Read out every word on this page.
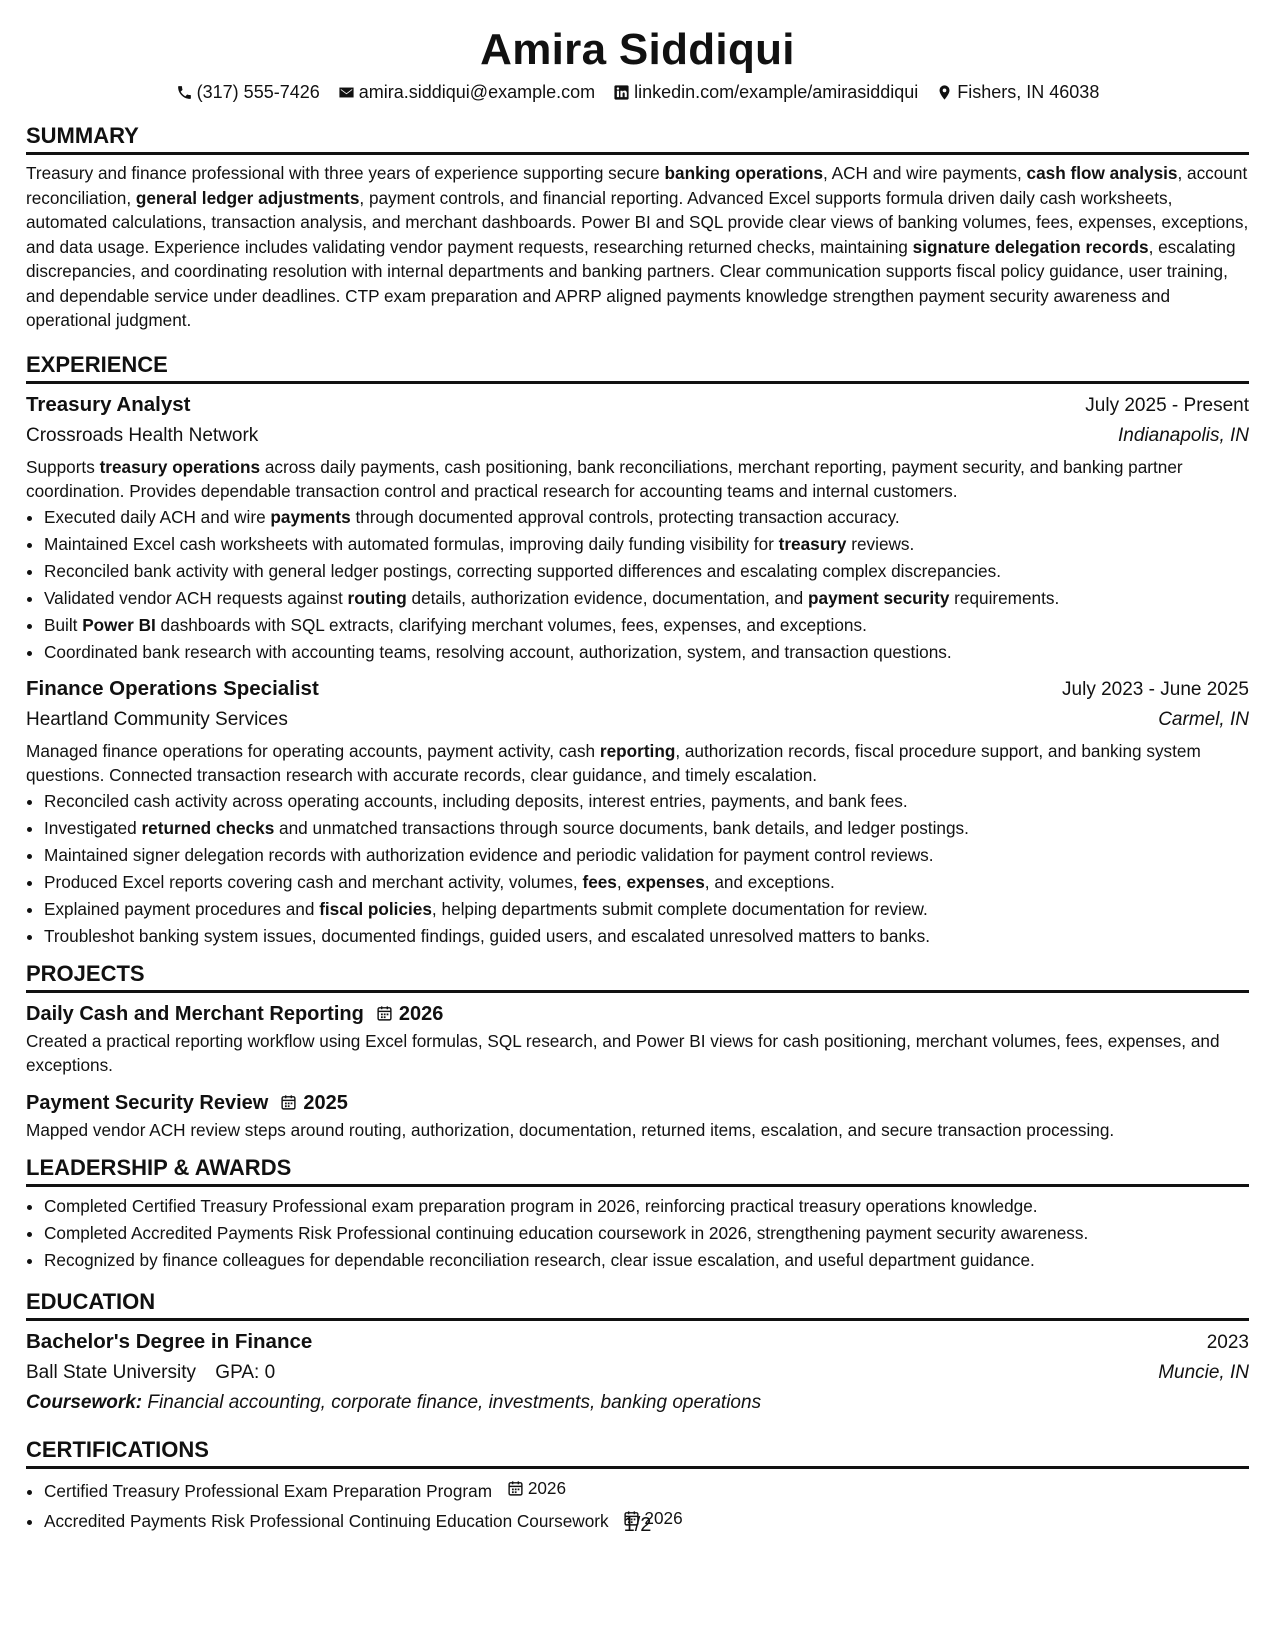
Amira Siddiqui
(317) 555-7426 amira.siddiqui@example.com linkedin.com/example/amirasiddiqui Fishers, IN 46038
SUMMARY

Treasury and finance professional with three years of experience supporting secure banking operations, ACH and wire payments, cash flow analysis, account reconciliation, general ledger adjustments, payment controls, and financial reporting. Advanced Excel supports formula driven daily cash worksheets, automated calculations, transaction analysis, and merchant dashboards. Power BI and SQL provide clear views of banking volumes, fees, expenses, exceptions, and data usage. Experience includes validating vendor payment requests, researching returned checks, maintaining signature delegation records, escalating discrepancies, and coordinating resolution with internal departments and banking partners. Clear communication supports fiscal policy guidance, user training, and dependable service under deadlines. CTP exam preparation and APRP aligned payments knowledge strengthen payment security awareness and operational judgment.

EXPERIENCE
Treasury Analyst	July 2025 - Present
Crossroads Health Network	Indianapolis, IN

Supports treasury operations across daily payments, cash positioning, bank reconciliations, merchant reporting, payment security, and banking partner coordination. Provides dependable transaction control and practical research for accounting teams and internal customers.

• Executed daily ACH and wire payments through documented approval controls, protecting transaction accuracy.
• Maintained Excel cash worksheets with automated formulas, improving daily funding visibility for treasury reviews.
• Reconciled bank activity with general ledger postings, correcting supported differences and escalating complex discrepancies.
• Validated vendor ACH requests against routing details, authorization evidence, documentation, and payment security requirements.
• Built Power BI dashboards with SQL extracts, clarifying merchant volumes, fees, expenses, and exceptions.
• Coordinated bank research with accounting teams, resolving account, authorization, system, and transaction questions.
Finance Operations Specialist	July 2023 - June 2025
Heartland Community Services	Carmel, IN

Managed finance operations for operating accounts, payment activity, cash reporting, authorization records, fiscal procedure support, and banking system questions. Connected transaction research with accurate records, clear guidance, and timely escalation.

• Reconciled cash activity across operating accounts, including deposits, interest entries, payments, and bank fees.
• Investigated returned checks and unmatched transactions through source documents, bank details, and ledger postings.
• Maintained signer delegation records with authorization evidence and periodic validation for payment control reviews.
• Produced Excel reports covering cash and merchant activity, volumes, fees, expenses, and exceptions.
• Explained payment procedures and fiscal policies, helping departments submit complete documentation for review.
• Troubleshot banking system issues, documented findings, guided users, and escalated unresolved matters to banks.
PROJECTS
Daily Cash and Merchant Reporting 2026

Created a practical reporting workflow using Excel formulas, SQL research, and Power BI views for cash positioning, merchant volumes, fees, expenses, and exceptions.

Payment Security Review 2025

Mapped vendor ACH review steps around routing, authorization, documentation, returned items, escalation, and secure transaction processing.

LEADERSHIP & AWARDS
• Completed Certified Treasury Professional exam preparation program in 2026, reinforcing practical treasury operations knowledge.
• Completed Accredited Payments Risk Professional continuing education coursework in 2026, strengthening payment security awareness.
• Recognized by finance colleagues for dependable reconciliation research, clear issue escalation, and useful department guidance.
EDUCATION
Bachelor's Degree in Finance	2023
Ball State University GPA: 0	Muncie, IN
Coursework: Financial accounting, corporate finance, investments, banking operations
CERTIFICATIONS
• Certified Treasury Professional Exam Preparation Program 2026
• Accredited Payments Risk Professional Continuing Education Coursework 2026
1/2
